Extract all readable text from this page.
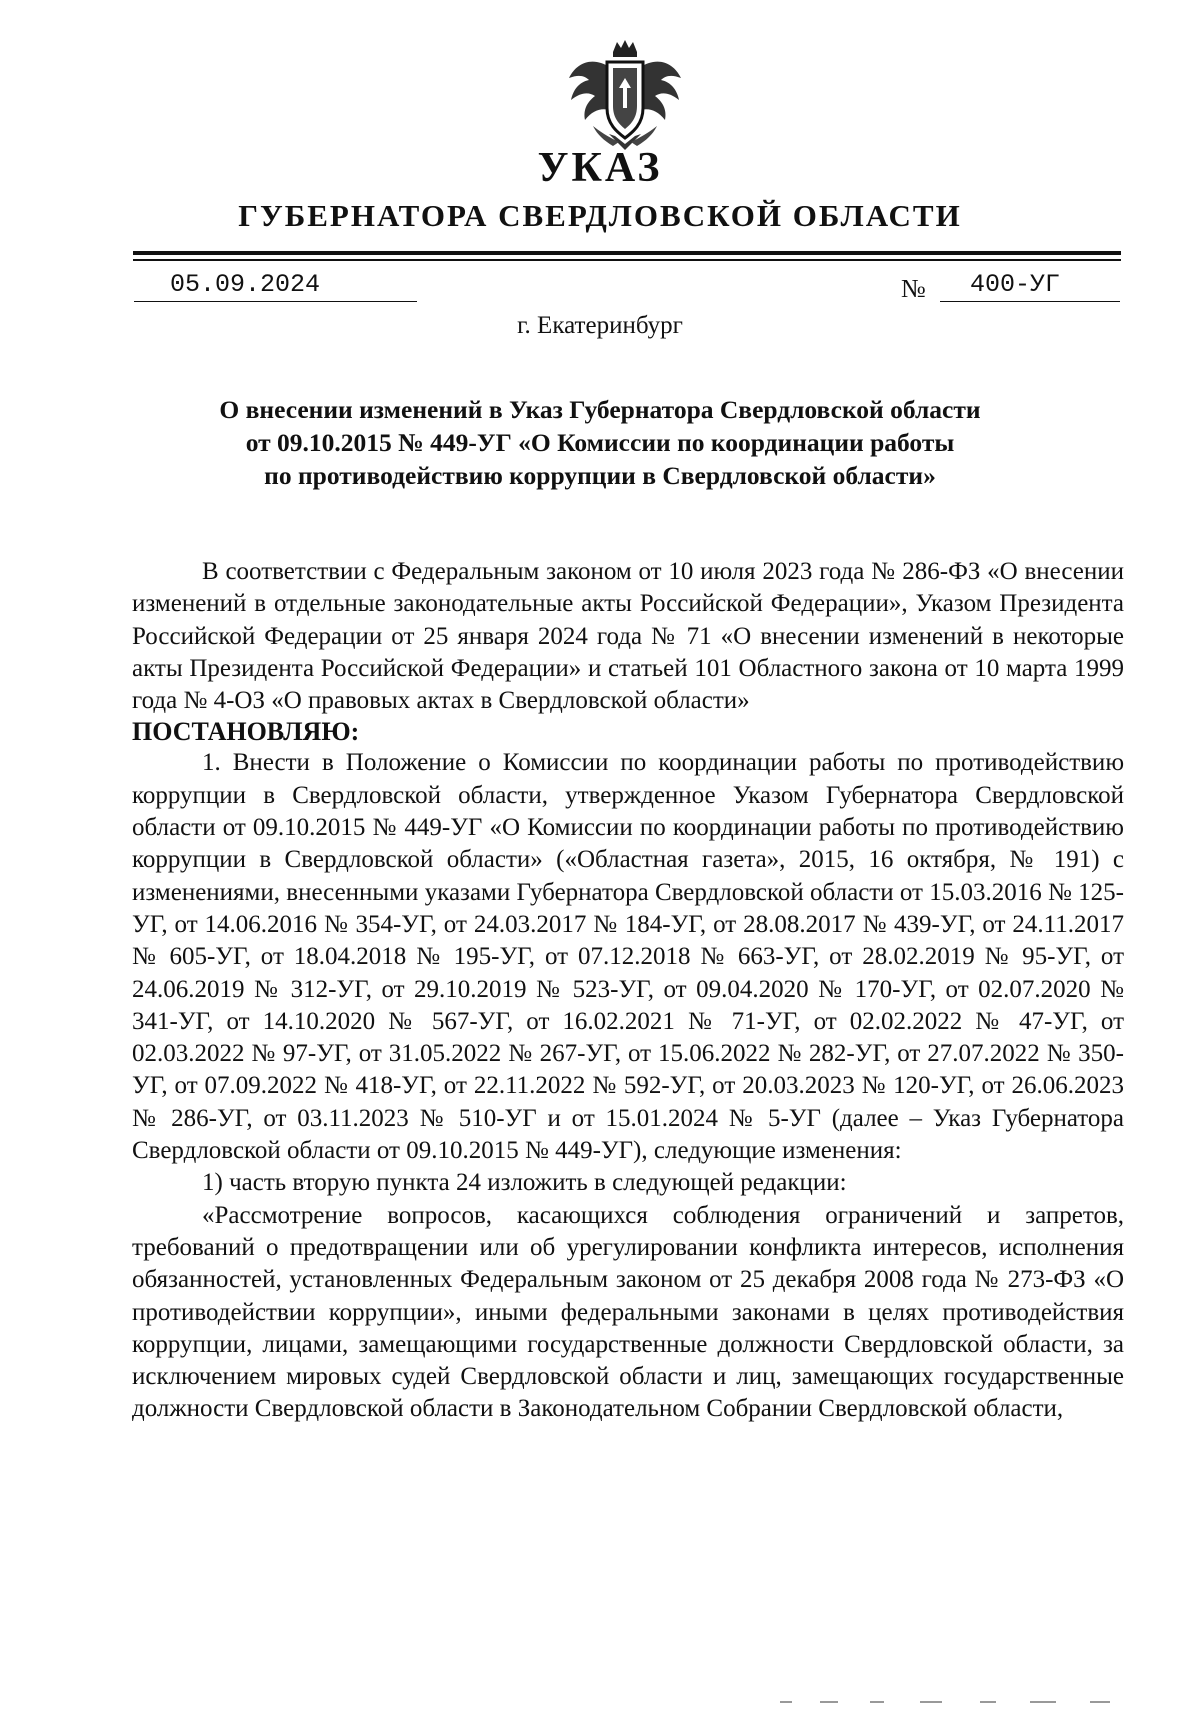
УКАЗ
ГУБЕРНАТОРА СВЕРДЛОВСКОЙ ОБЛАСТИ
05.09.2024	№	400-УГ
г. Екатеринбург
О внесении изменений в Указ Губернатора Свердловской области
от 09.10.2015 № 449-УГ «О Комиссии по координации работы
по противодействию коррупции в Свердловской области»

В соответствии с Федеральным законом от 10 июля 2023 года № 286-ФЗ «О внесении изменений в отдельные законодательные акты Российской Федерации», Указом Президента Российской Федерации от 25 января 2024 года № 71 «О внесении изменений в некоторые акты Президента Российской Федерации» и статьей 101 Областного закона от 10 марта 1999 года № 4-ОЗ «О правовых актах в Свердловской области»

ПОСТАНОВЛЯЮ:

1. Внести в Положение о Комиссии по координации работы по противодействию коррупции в Свердловской области, утвержденное Указом Губернатора Свердловской области от 09.10.2015 № 449-УГ «О Комиссии по координации работы по противодействию коррупции в Свердловской области» («Областная газета», 2015, 16 октября, № 191) с изменениями, внесенными указами Губернатора Свердловской области от 15.03.2016 № 125-УГ, от 14.06.2016 № 354-УГ, от 24.03.2017 № 184-УГ, от 28.08.2017 № 439-УГ, от 24.11.2017 № 605-УГ, от 18.04.2018 № 195-УГ, от 07.12.2018 № 663-УГ, от 28.02.2019 № 95-УГ, от 24.06.2019 № 312-УГ, от 29.10.2019 № 523-УГ, от 09.04.2020 № 170-УГ, от 02.07.2020 № 341-УГ, от 14.10.2020 № 567-УГ, от 16.02.2021 № 71-УГ, от 02.02.2022 № 47-УГ, от 02.03.2022 № 97-УГ, от 31.05.2022 № 267-УГ, от 15.06.2022 № 282-УГ, от 27.07.2022 № 350-УГ, от 07.09.2022 № 418-УГ, от 22.11.2022 № 592-УГ, от 20.03.2023 № 120-УГ, от 26.06.2023 № 286-УГ, от 03.11.2023 № 510-УГ и от 15.01.2024 № 5-УГ (далее – Указ Губернатора Свердловской области от 09.10.2015 № 449-УГ), следующие изменения:

1) часть вторую пункта 24 изложить в следующей редакции:

«Рассмотрение вопросов, касающихся соблюдения ограничений и запретов, требований о предотвращении или об урегулировании конфликта интересов, исполнения обязанностей, установленных Федеральным законом от 25 декабря 2008 года № 273-ФЗ «О противодействии коррупции», иными федеральными законами в целях противодействия коррупции, лицами, замещающими государственные должности Свердловской области, за исключением мировых судей Свердловской области и лиц, замещающих государственные должности Свердловской области в Законодательном Собрании Свердловской области,
